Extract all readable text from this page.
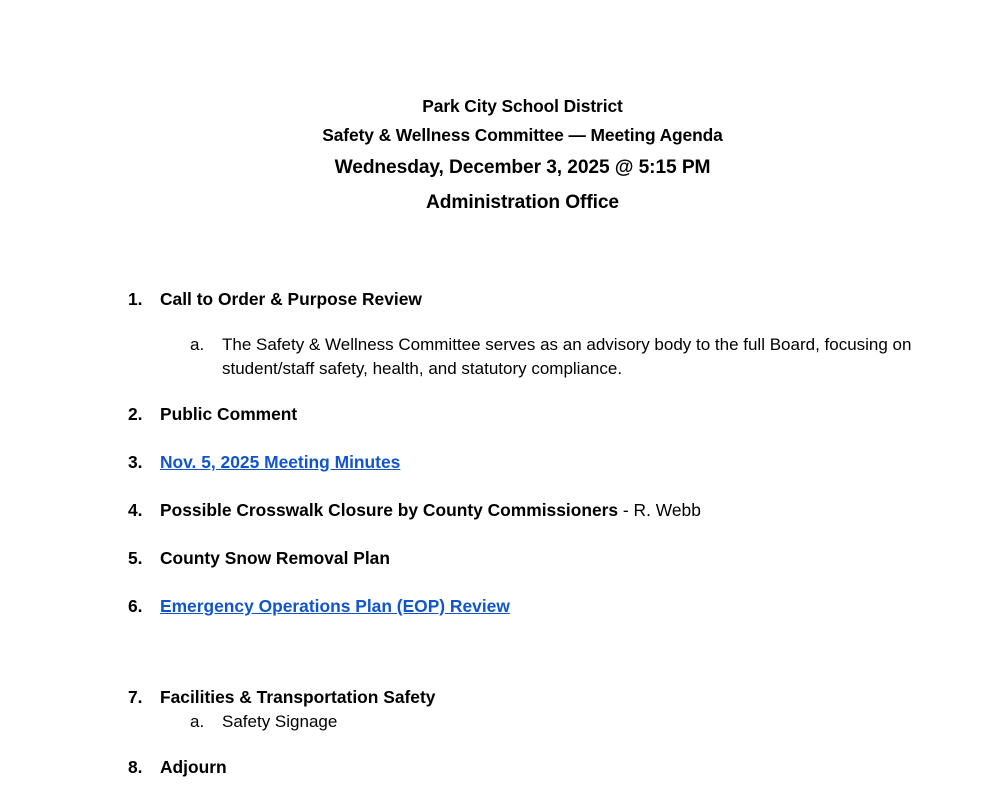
Park City School District
Safety & Wellness Committee — Meeting Agenda
Wednesday, December 3, 2025 @ 5:15 PM
Administration Office
1. Call to Order & Purpose Review
a. The Safety & Wellness Committee serves as an advisory body to the full Board, focusing on student/staff safety, health, and statutory compliance.
2. Public Comment
3. Nov. 5, 2025 Meeting Minutes
4. Possible Crosswalk Closure by County Commissioners - R. Webb
5. County Snow Removal Plan
6. Emergency Operations Plan (EOP) Review
7. Facilities & Transportation Safety
a. Safety Signage
8. Adjourn
